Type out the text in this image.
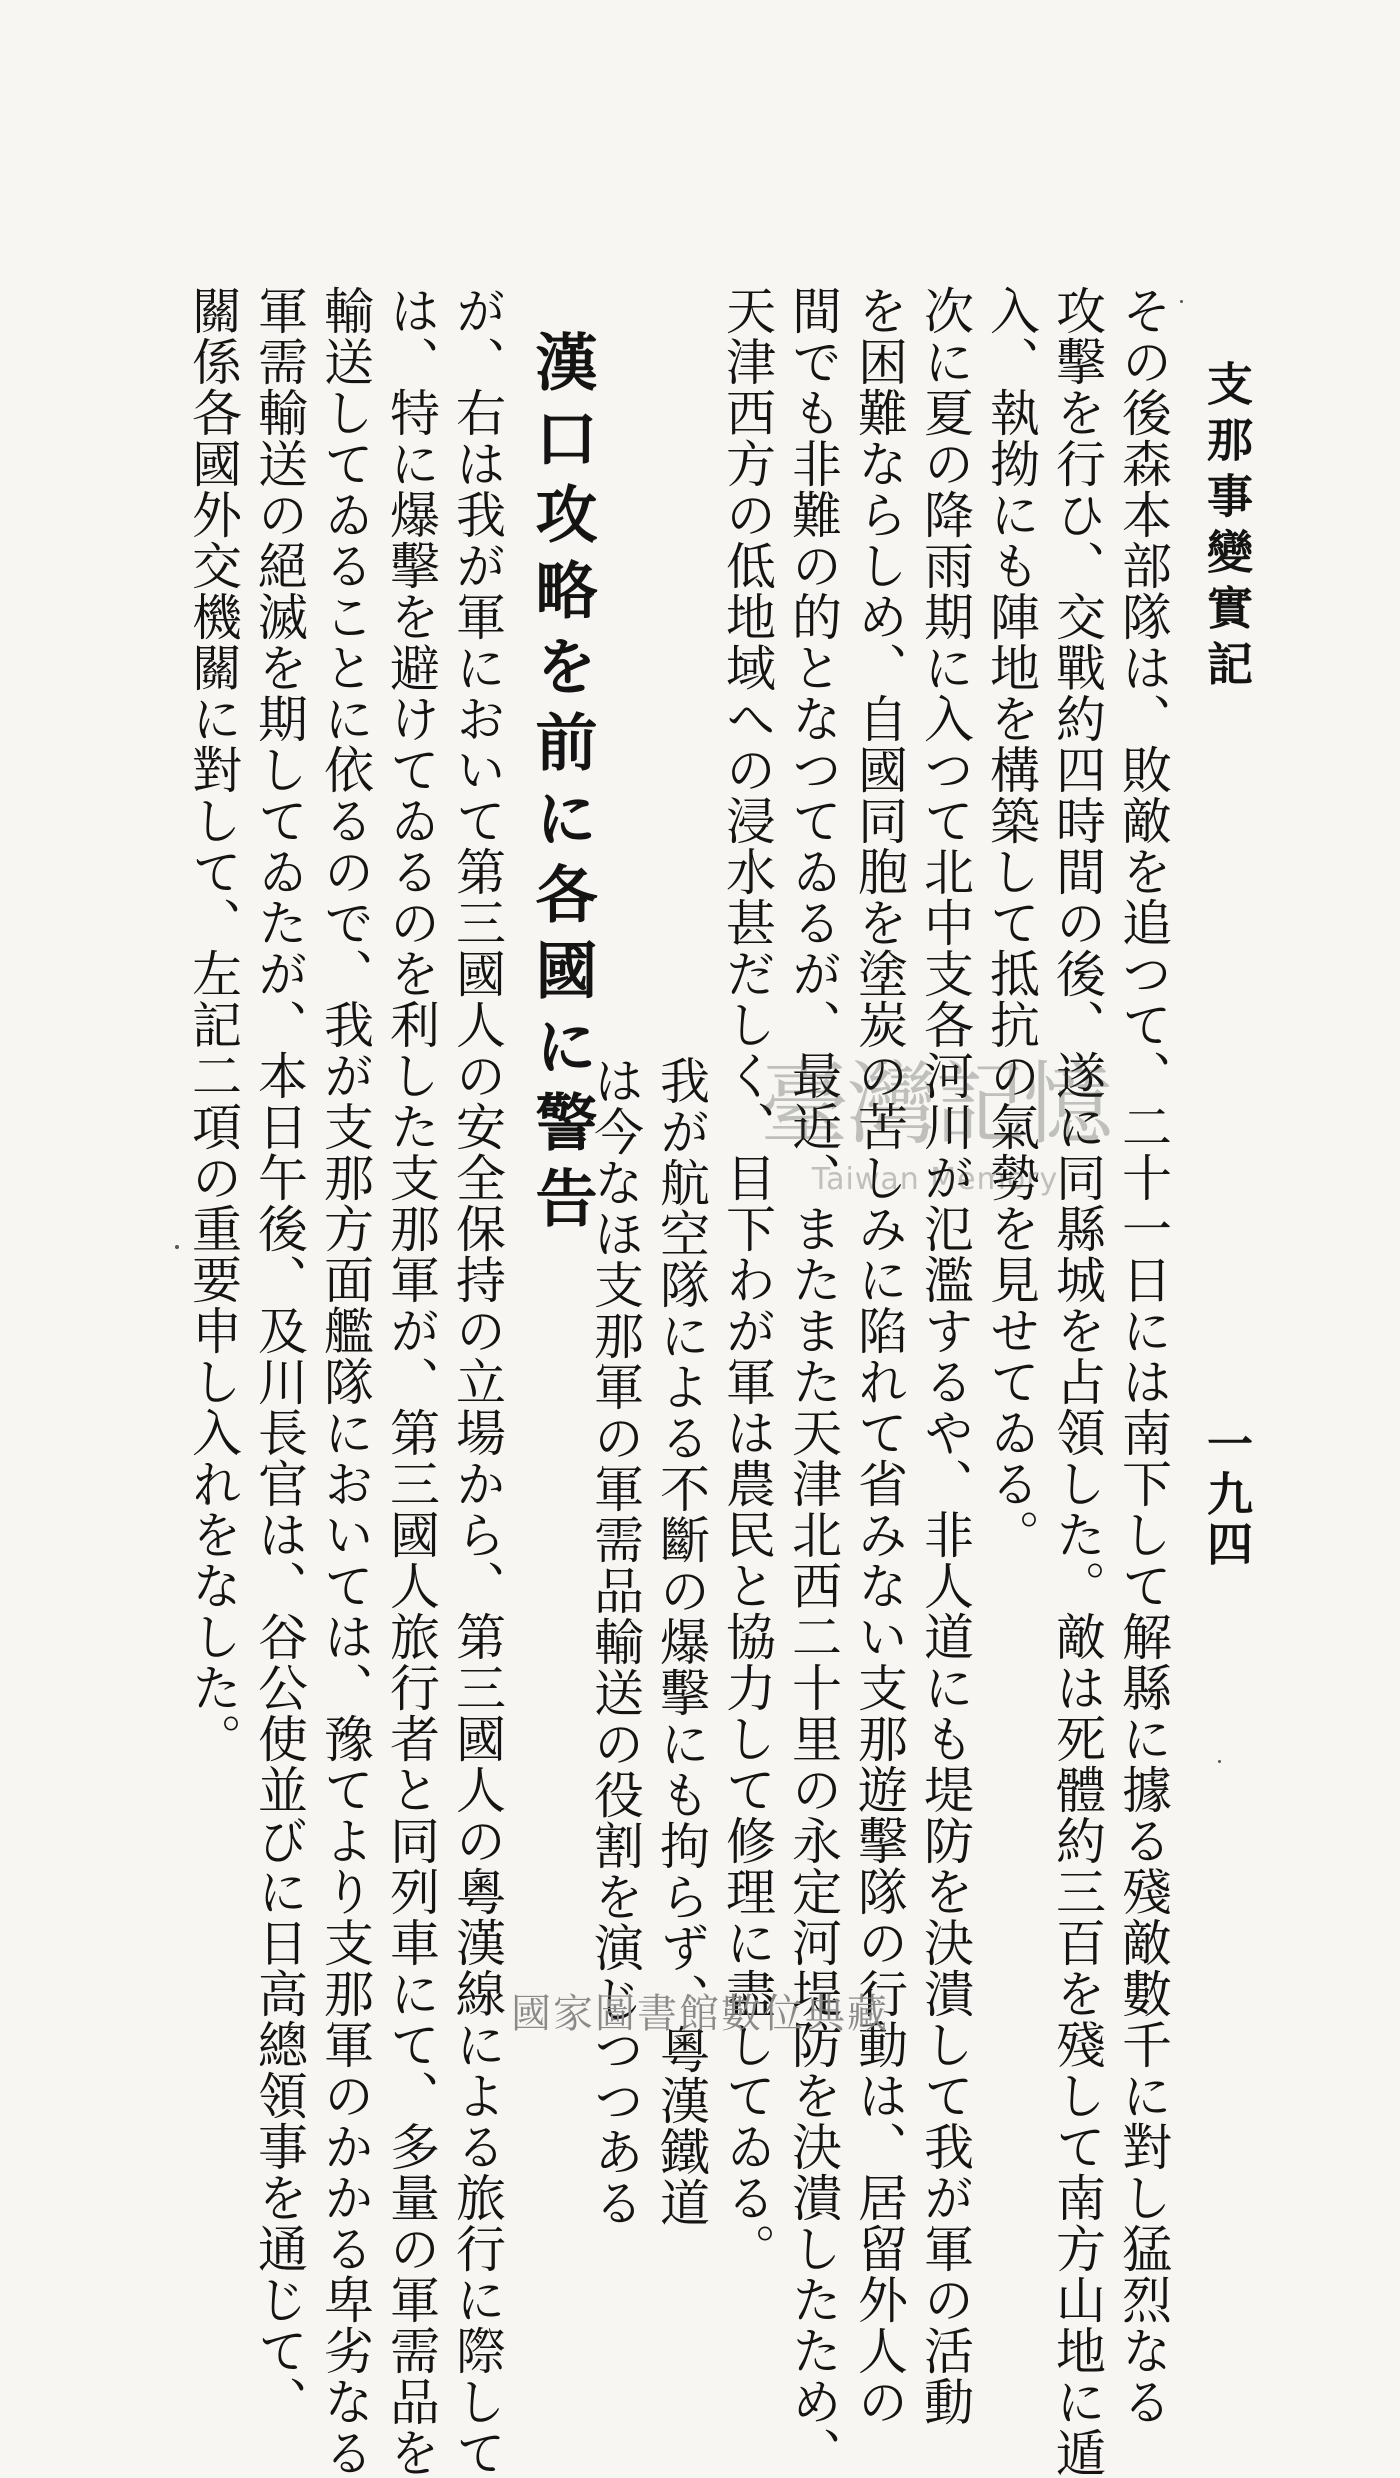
支那事變實記
一九四
その後森本部隊は、敗敵を追つて、二十一日には南下して解縣に據る殘敵數千に對し猛烈なる
攻擊を行ひ、交戰約四時間の後、遂に同縣城を占領した。敵は死體約三百を殘して南方山地に遁
入、執拗にも陣地を構築して抵抗の氣勢を見せてゐる。
次に夏の降雨期に入つて北中支各河川が氾濫するや、非人道にも堤防を決潰して我が軍の活動
を困難ならしめ、自國同胞を塗炭の苦しみに陷れて省みない支那遊擊隊の行動は、居留外人の
間でも非難の的となつてゐるが、最近、またまた天津北西二十里の永定河堤防を決潰したため、
天津西方の低地域への浸水甚だしく、目下わが軍は農民と協力して修理に盡してゐる。
我が航空隊による不斷の爆擊にも拘らず、粵漢鐵道
は今なほ支那軍の軍需品輸送の役割を演じつつある
漢口攻略を前に各國に警告
が、右は我が軍において第三國人の安全保持の立場から、第三國人の粵漢線による旅行に際して
は、特に爆擊を避けてゐるのを利した支那軍が、第三國人旅行者と同列車にて、多量の軍需品を
輸送してゐることに依るので、我が支那方面艦隊においては、豫てより支那軍のかかる卑劣なる
軍需輸送の絕滅を期してゐたが、本日午後、及川長官は、谷公使並びに日高總領事を通じて、
關係各國外交機關に對して、左記二項の重要申し入れをなした。	臺灣記憶
Taiwan Memory
國家圖書館數位典藏
